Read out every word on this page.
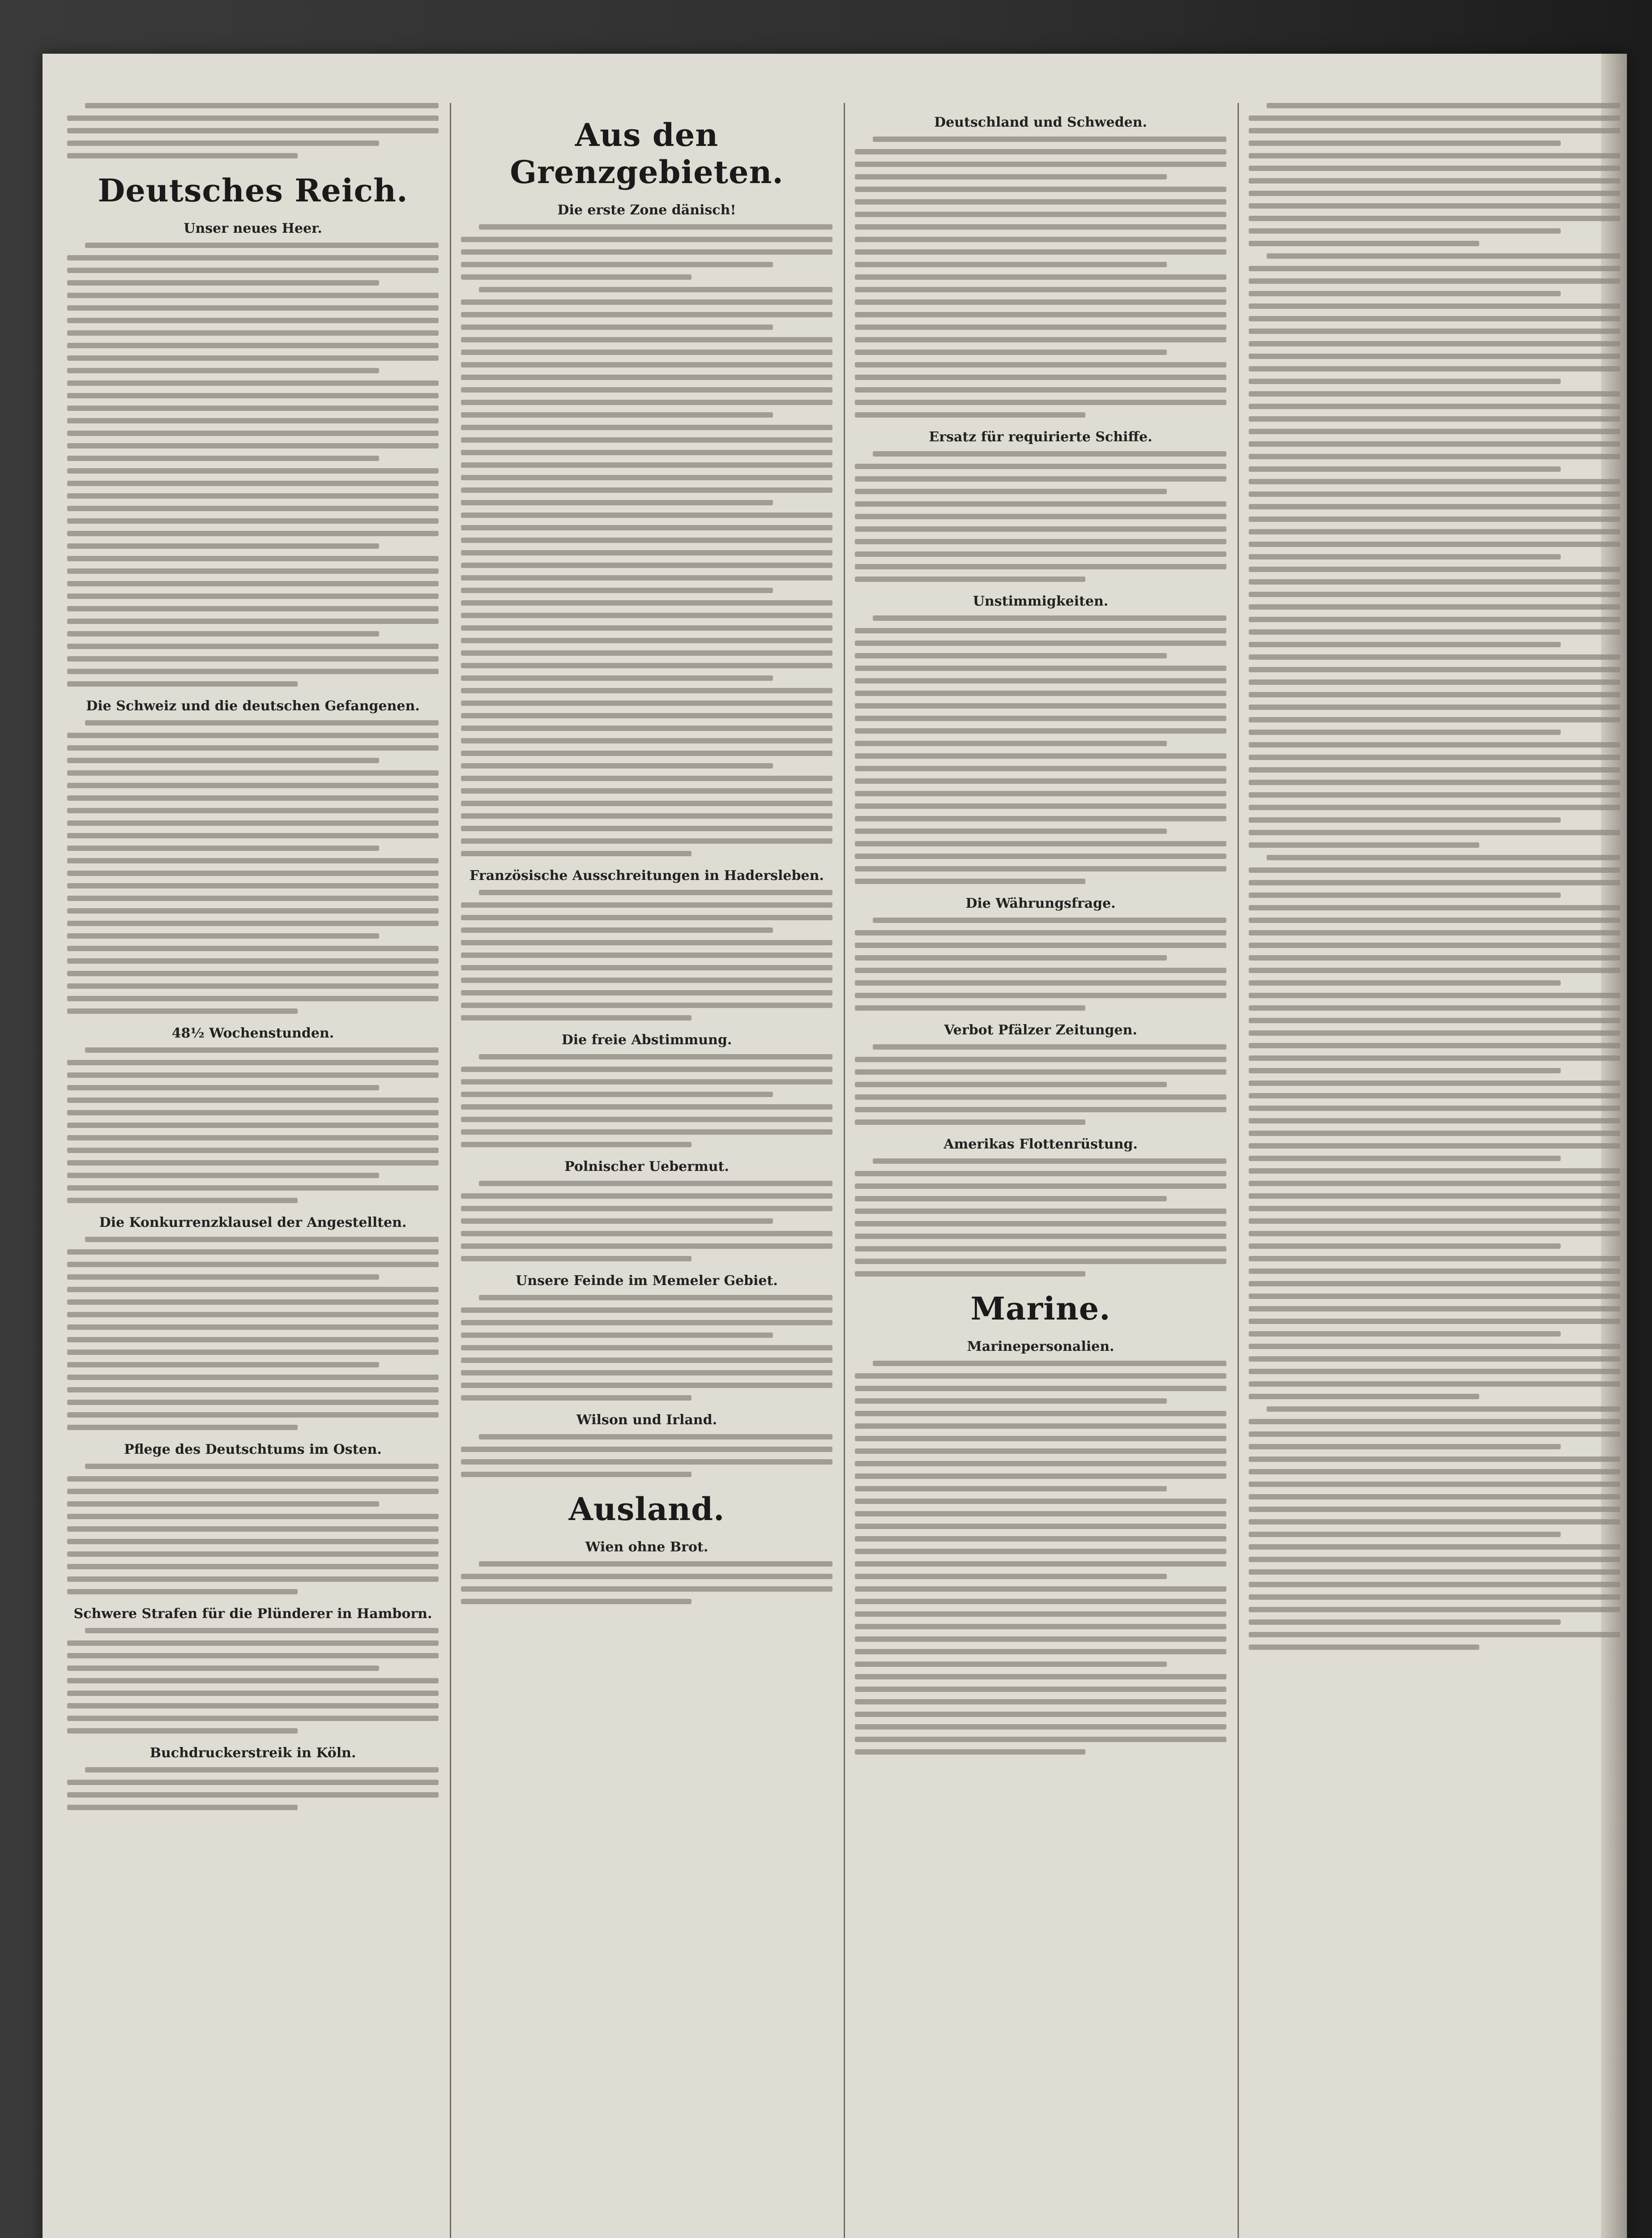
Deutsches Reich.
Unser neues Heer.
Die Schweiz und die deutschen Gefangenen.
48½ Wochenstunden.
Die Konkurrenzklausel der Angestellten.
Pflege des Deutschtums im Osten.
Schwere Strafen für die Plünderer in Hamborn.
Buchdruckerstreik in Köln.
Aus den Grenzgebieten.
Die erste Zone dänisch!
Französische Ausschreitungen in Hadersleben.
Die freie Abstimmung.
Polnischer Uebermut.
Unsere Feinde im Memeler Gebiet.
Wilson und Irland.
Ausland.
Wien ohne Brot.
Deutschland und Schweden.
Ersatz für requirierte Schiffe.
Unstimmigkeiten.
Die Währungsfrage.
Verbot Pfälzer Zeitungen.
Amerikas Flottenrüstung.
Marine.
Marinepersonalien.
